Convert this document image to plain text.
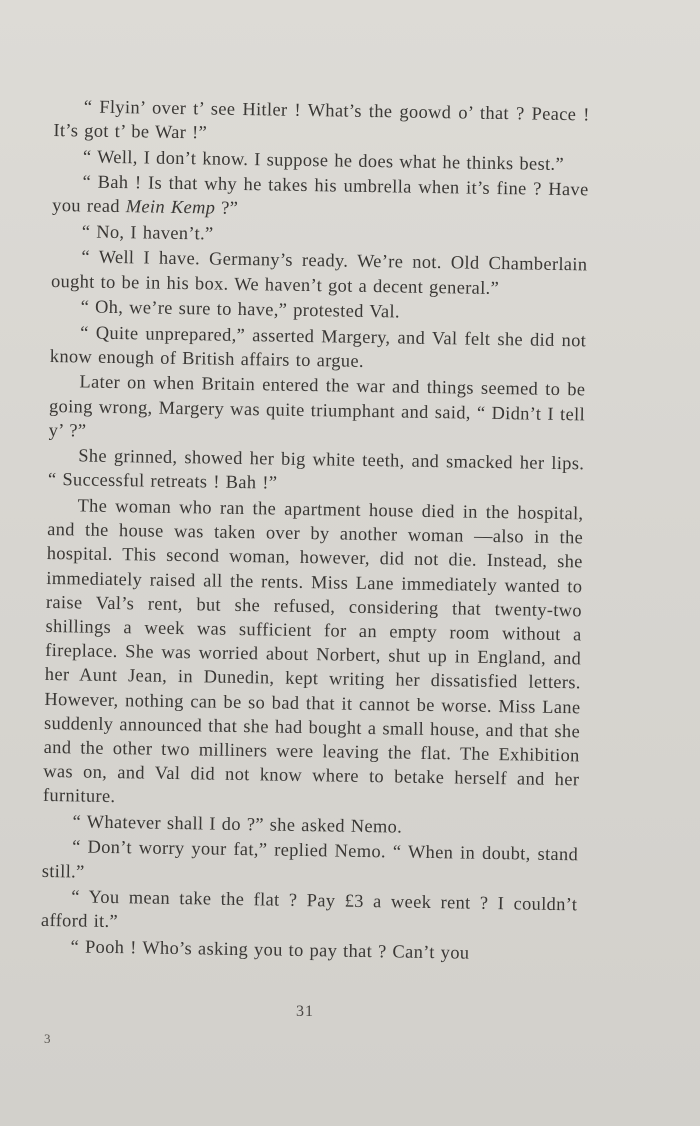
“ Flyin’ over t’ see Hitler ! What’s the goowd o’ that ? Peace ! It’s got t’ be War !”

“ Well, I don’t know. I suppose he does what he thinks best.”

“ Bah ! Is that why he takes his umbrella when it’s fine ? Have you read Mein Kemp ?”

“ No, I haven’t.”

“ Well I have. Germany’s ready. We’re not. Old Chamberlain ought to be in his box. We haven’t got a decent general.”

“ Oh, we’re sure to have,” protested Val.

“ Quite unprepared,” asserted Margery, and Val felt she did not know enough of British affairs to argue.

Later on when Britain entered the war and things seemed to be going wrong, Margery was quite triumphant and said, “ Didn’t I tell y’ ?”

She grinned, showed her big white teeth, and smacked her lips. “ Successful retreats ! Bah !”

The woman who ran the apartment house died in the hospital, and the house was taken over by another woman —also in the hospital. This second woman, however, did not die. Instead, she immediately raised all the rents. Miss Lane immediately wanted to raise Val’s rent, but she refused, considering that twenty-two shillings a week was sufficient for an empty room without a fireplace. She was worried about Norbert, shut up in England, and her Aunt Jean, in Dunedin, kept writing her dissatisfied letters. However, nothing can be so bad that it cannot be worse. Miss Lane suddenly announced that she had bought a small house, and that she and the other two milliners were leaving the flat. The Exhibition was on, and Val did not know where to betake herself and her furniture.

“ Whatever shall I do ?” she asked Nemo.

“ Don’t worry your fat,” replied Nemo. “ When in doubt, stand still.”

“ You mean take the flat ? Pay £3 a week rent ? I couldn’t afford it.”

“ Pooh ! Who’s asking you to pay that ? Can’t you

31
3
